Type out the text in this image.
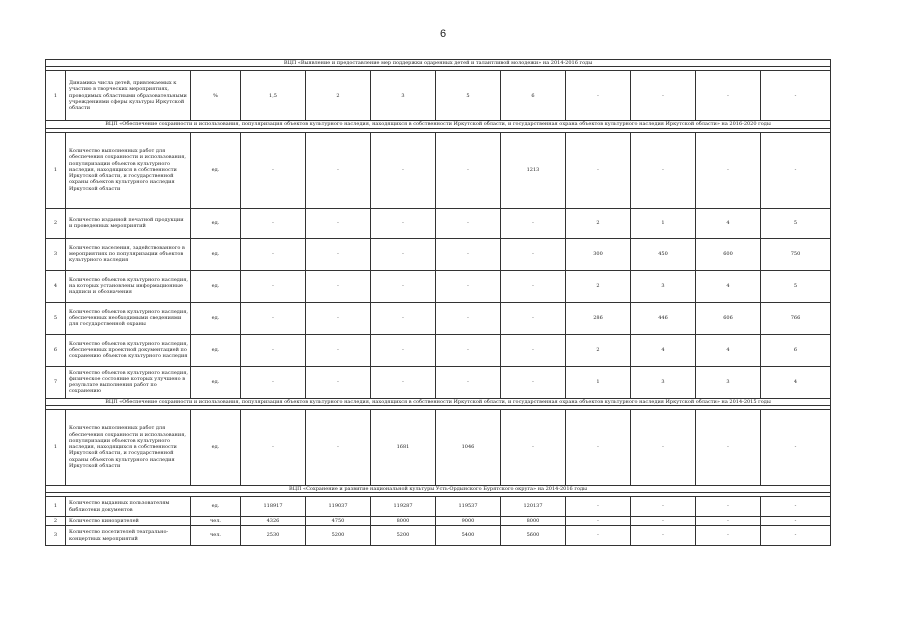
6
ВЦП «Выявление и предоставление мер поддержки одаренных детей и талантливой молодежи» на 2014-2016 годы											

1	Динамика числа детей, привлекаемых к участию в творческих мероприятиях, проводимых областными образовательными учреждениями сферы культуры Иркутской области	%	1,5	2	3	5	6	-	-	-	-
ВЦП «Обеспечение сохранности и использования, популяризация объектов культурного наследия, находящихся в собственности Иркутской области, и государственная охрана объектов культурного наследия Иркутской области» на 2016-2020 годы											

1	Количество выполненных работ для обеспечения сохранности и использования, популяризации объектов культурного наследия, находящихся в собственности Иркутской области, и государственной охраны объектов культурного наследия Иркутской области	ед.	-	-	-	-	1213	-	-	-	-
2	Количество изданной печатной продукции и проведенных мероприятий	ед.	-	-	-	-	-	2	1	4	5
3	Количество населения, задействованного в мероприятиях по популяризации объектов культурного наследия	ед.	-	-	-	-	-	300	450	600	750
4	Количество объектов культурного наследия, на которых установлены информационные надписи и обозначения	ед.	-	-	-	-	-	2	3	4	5
5	Количество объектов культурного наследия, обеспеченных необходимыми сведениями для государственной охраны	ед.	-	-	-	-	-	286	446	606	766
6	Количество объектов культурного наследия, обеспеченных проектной документацией по сохранению объектов культурного наследия	ед.	-	-	-	-	-	2	4	4	6
7	Количество объектов культурного наследия, физическое состояние которых улучшено в результате выполнения работ по сохранению	ед.	-	-	-	-	-	1	3	3	4
ВЦП «Обеспечение сохранности и использования, популяризация объектов культурного наследия, находящихся в собственности Иркутской области, и государственная охрана объектов культурного наследия Иркутской области» на 2014-2015 годы											

1	Количество выполненных работ для обеспечения сохранности и использования, популяризации объектов культурного наследия, находящихся в собственности Иркутской области, и государственной охраны объектов культурного наследия Иркутской области	ед.	-	-	1681	1046	-	-	-	-	-
ВЦП «Сохранение и развитие национальной культуры Усть-Ордынского Бурятского округа» на 2014-2016 годы											

1	Количество выданных пользователям библиотеки документов	ед.	118917	119037	119287	119537	120137	-	-	-	-
2	Количество кинозрителей	чел.	4326	4750	8000	9000	8000	-	-	-	-
3	Количество посетителей театрально-концертных мероприятий	чел.	2530	5200	5200	5400	5600	-	-	-	-
